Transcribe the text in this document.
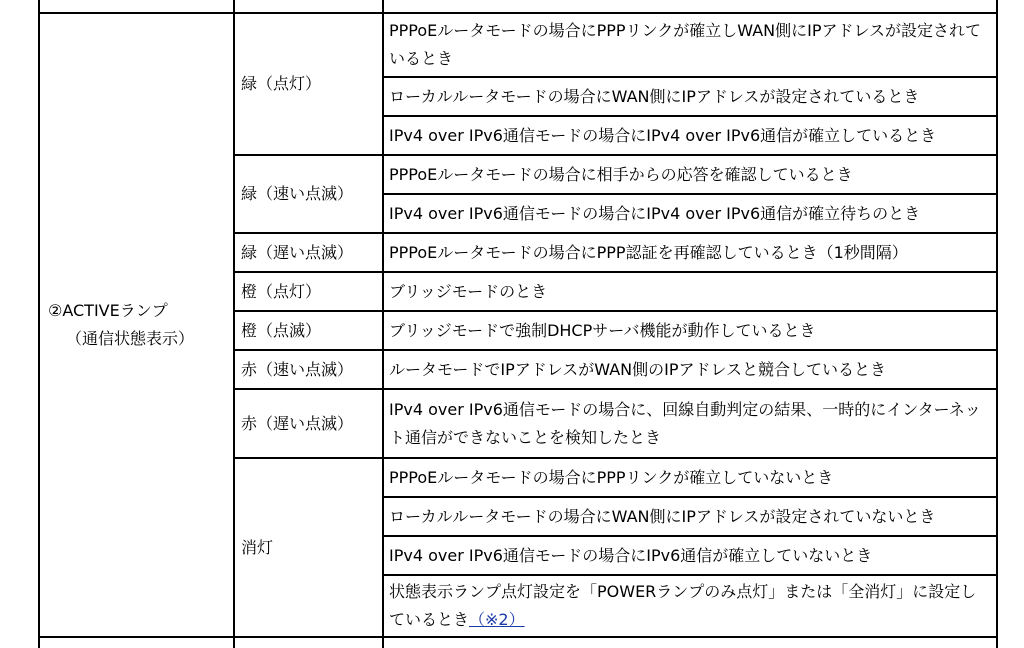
②ACTIVEランプ
（通信状態表示）
緑（点灯）
緑（速い点滅）
緑（遅い点滅）
橙（点灯）
橙（点滅）
赤（速い点滅）
赤（遅い点滅）
消灯
PPPoEルータモードの場合にPPPリンクが確立しWAN側にIPアドレスが設定されているとき
ローカルルータモードの場合にWAN側にIPアドレスが設定されているとき
IPv4 over IPv6通信モードの場合にIPv4 over IPv6通信が確立しているとき
PPPoEルータモードの場合に相手からの応答を確認しているとき
IPv4 over IPv6通信モードの場合にIPv4 over IPv6通信が確立待ちのとき
PPPoEルータモードの場合にPPP認証を再確認しているとき（1秒間隔）
ブリッジモードのとき
ブリッジモードで強制DHCPサーバ機能が動作しているとき
ルータモードでIPアドレスがWAN側のIPアドレスと競合しているとき
IPv4 over IPv6通信モードの場合に、回線自動判定の結果、一時的にインターネット通信ができないことを検知したとき
PPPoEルータモードの場合にPPPリンクが確立していないとき
ローカルルータモードの場合にWAN側にIPアドレスが設定されていないとき
IPv4 over IPv6通信モードの場合にIPv6通信が確立していないとき
状態表示ランプ点灯設定を「POWERランプのみ点灯」または「全消灯」に設定しているとき（※2）
